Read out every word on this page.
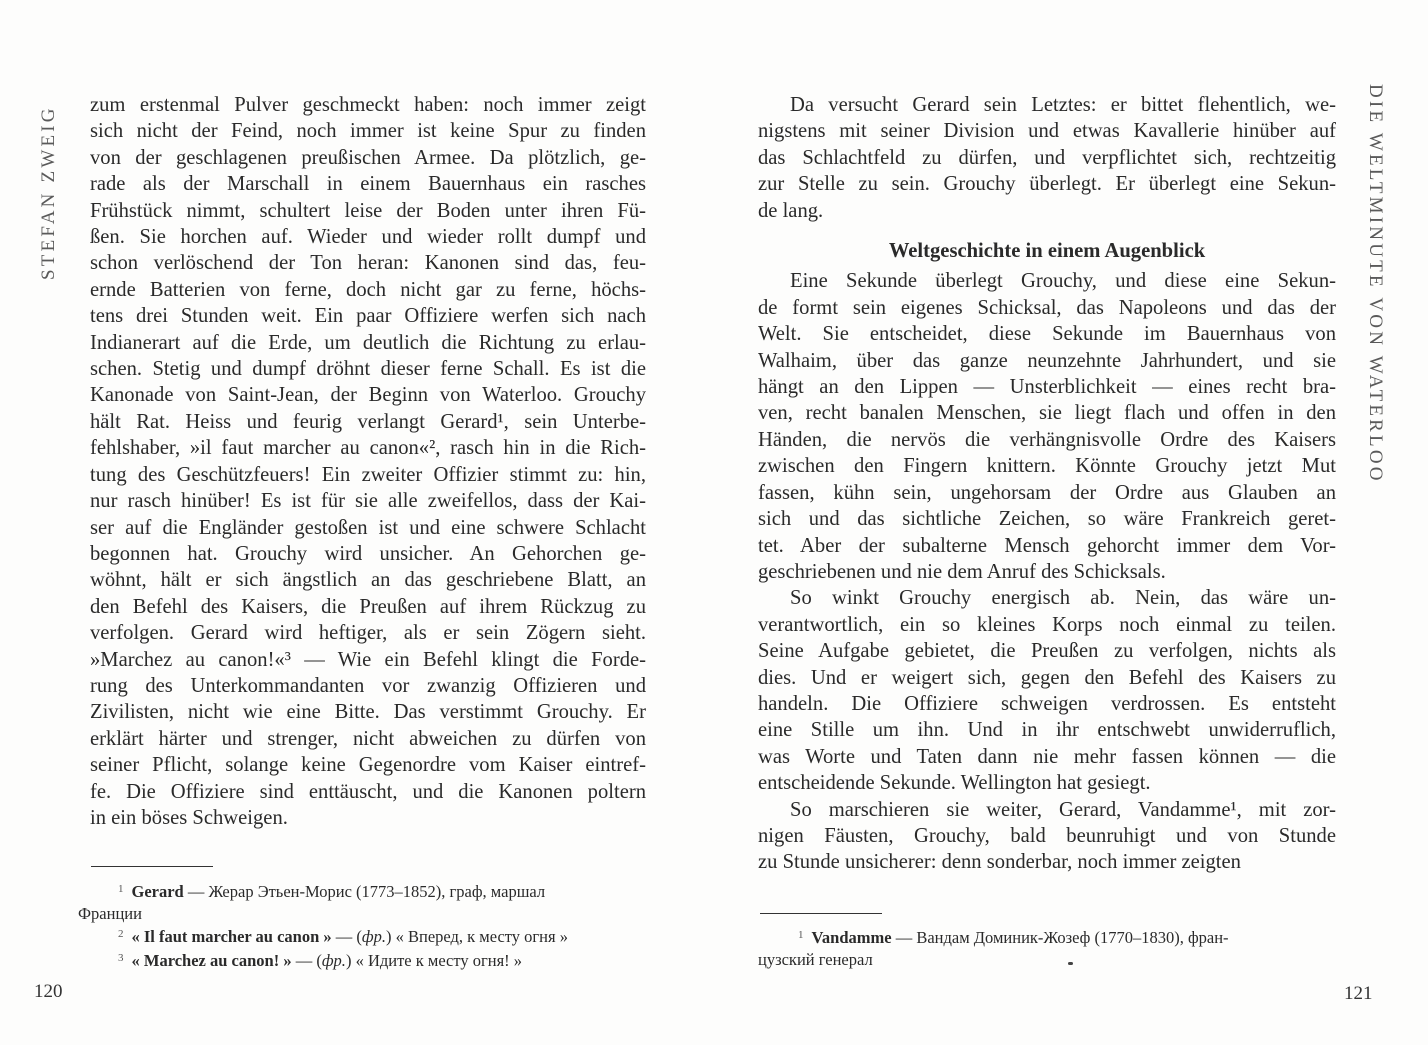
STEFAN ZWEIG

zum erstenmal Pulver geschmeckt haben: noch immer zeigt
sich nicht der Feind, noch immer ist keine Spur zu finden
von der geschlagenen preußischen Armee. Da plötzlich, ge-
rade als der Marschall in einem Bauernhaus ein rasches
Frühstück nimmt, schultert leise der Boden unter ihren Fü-
ßen. Sie horchen auf. Wieder und wieder rollt dumpf und
schon verlöschend der Ton heran: Kanonen sind das, feu-
ernde Batterien von ferne, doch nicht gar zu ferne, höchs-
tens drei Stunden weit. Ein paar Offiziere werfen sich nach
Indianerart auf die Erde, um deutlich die Richtung zu erlau-
schen. Stetig und dumpf dröhnt dieser ferne Schall. Es ist die
Kanonade von Saint-Jean, der Beginn von Waterloo. Grouchy
hält Rat. Heiss und feurig verlangt Gerard¹, sein Unterbe-
fehlshaber, »il faut marcher au canon«², rasch hin in die Rich-
tung des Geschützfeuers! Ein zweiter Offizier stimmt zu: hin,
nur rasch hinüber! Es ist für sie alle zweifellos, dass der Kai-
ser auf die Engländer gestoßen ist und eine schwere Schlacht
begonnen hat. Grouchy wird unsicher. An Gehorchen ge-
wöhnt, hält er sich ängstlich an das geschriebene Blatt, an
den Befehl des Kaisers, die Preußen auf ihrem Rückzug zu
verfolgen. Gerard wird heftiger, als er sein Zögern sieht.
»Marchez au canon!«³ — Wie ein Befehl klingt die Forde-
rung des Unterkommandanten vor zwanzig Offizieren und
Zivilisten, nicht wie eine Bitte. Das verstimmt Grouchy. Er
erklärt härter und strenger, nicht abweichen zu dürfen von
seiner Pflicht, solange keine Gegenordre vom Kaiser eintref-
fe. Die Offiziere sind enttäuscht, und die Kanonen poltern
in ein böses Schweigen.

$^1$ Gerard — Жерар Этьен-Морис (1773–1852), граф, маршал
Франции
$^2$ « Il faut marcher au canon » — (фр.) « Вперед, к месту огня »
$^3$ « Marchez au canon! » — (фр.) « Идите к месту огня! »
120
DIE WELTMINUTE VON WATERLOO

Da versucht Gerard sein Letztes: er bittet flehentlich, we-
nigstens mit seiner Division und etwas Kavallerie hinüber auf
das Schlachtfeld zu dürfen, und verpflichtet sich, rechtzeitig
zur Stelle zu sein. Grouchy überlegt. Er überlegt eine Sekun-
de lang.

Weltgeschichte in einem Augenblick

Eine Sekunde überlegt Grouchy, und diese eine Sekun-
de formt sein eigenes Schicksal, das Napoleons und das der
Welt. Sie entscheidet, diese Sekunde im Bauernhaus von
Walhaim, über das ganze neunzehnte Jahrhundert, und sie
hängt an den Lippen — Unsterblichkeit — eines recht bra-
ven, recht banalen Menschen, sie liegt flach und offen in den
Händen, die nervös die verhängnisvolle Ordre des Kaisers
zwischen den Fingern knittern. Könnte Grouchy jetzt Mut
fassen, kühn sein, ungehorsam der Ordre aus Glauben an
sich und das sichtliche Zeichen, so wäre Frankreich geret-
tet. Aber der subalterne Mensch gehorcht immer dem Vor-
geschriebenen und nie dem Anruf des Schicksals.

So winkt Grouchy energisch ab. Nein, das wäre un-
verantwortlich, ein so kleines Korps noch einmal zu teilen.
Seine Aufgabe gebietet, die Preußen zu verfolgen, nichts als
dies. Und er weigert sich, gegen den Befehl des Kaisers zu
handeln. Die Offiziere schweigen verdrossen. Es entsteht
eine Stille um ihn. Und in ihr entschwebt unwiderruflich,
was Worte und Taten dann nie mehr fassen können — die
entscheidende Sekunde. Wellington hat gesiegt.

So marschieren sie weiter, Gerard, Vandamme¹, mit zor-
nigen Fäusten, Grouchy, bald beunruhigt und von Stunde
zu Stunde unsicherer: denn sonderbar, noch immer zeigten

$^1$ Vandamme — Вандам Доминик-Жозеф (1770–1830), фран-
цузский генерал
121
